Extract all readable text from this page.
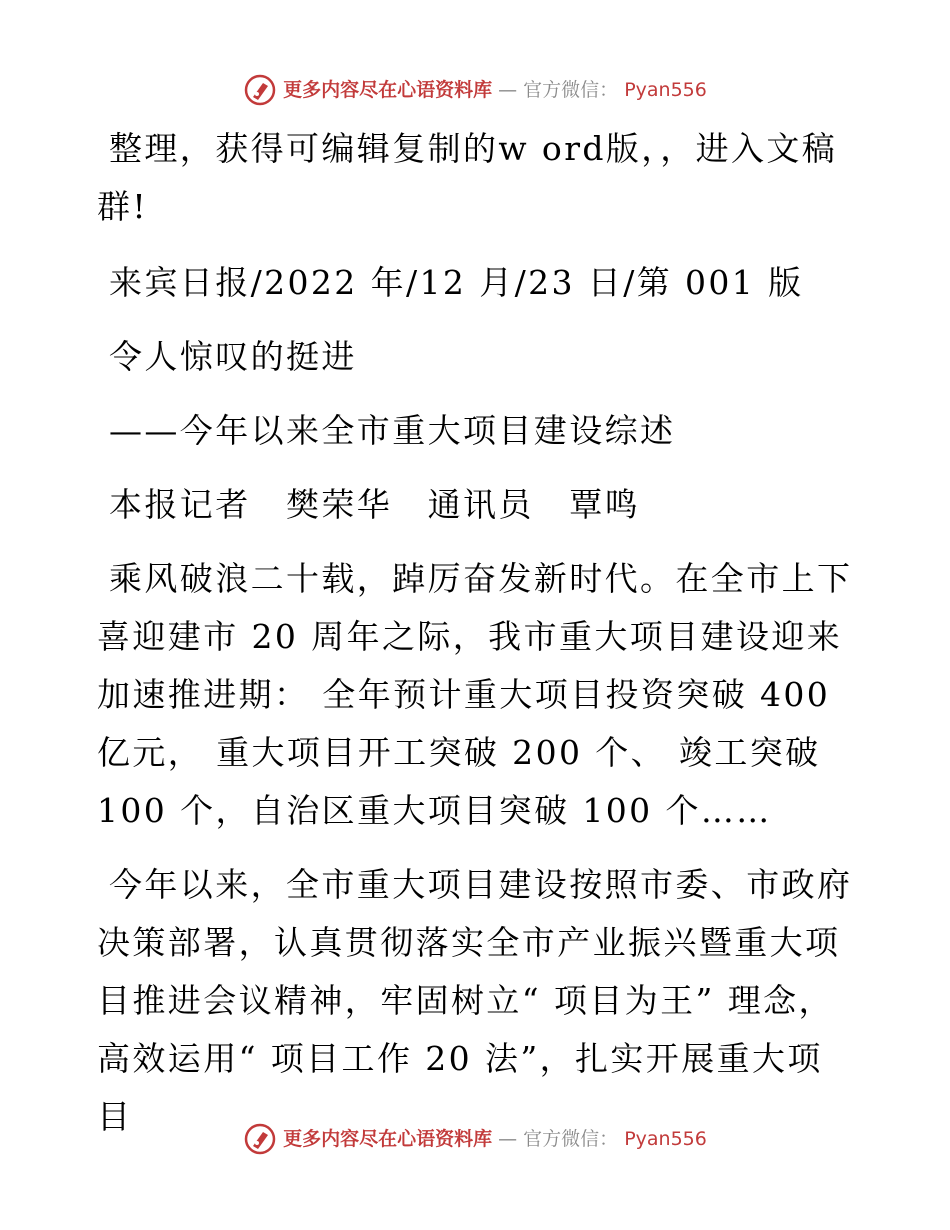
更多内容尽在心语资料库 — 官方微信： Pyan556

整理，获得可编辑复制的w ord版，，进入文稿群!

来宾日报/2022 年/12 月/23 日/第 001 版

令人惊叹的挺进

——今年以来全市重大项目建设综述

本报记者　樊荣华　通讯员　覃鸣

乘风破浪二十载，踔厉奋发新时代。在全市上下喜迎建市 20 周年之际，我市重大项目建设迎来加速推进期： 全年预计重大项目投资突破 400 亿元， 重大项目开工突破 200 个、 竣工突破 100 个，自治区重大项目突破 100 个……

今年以来，全市重大项目建设按照市委、市政府决策部署，认真贯彻落实全市产业振兴暨重大项目推进会议精神，牢固树立“ 项目为王” 理念，高效运用“ 项目工作 20 法”，扎实开展重大项目

更多内容尽在心语资料库 — 官方微信： Pyan556
